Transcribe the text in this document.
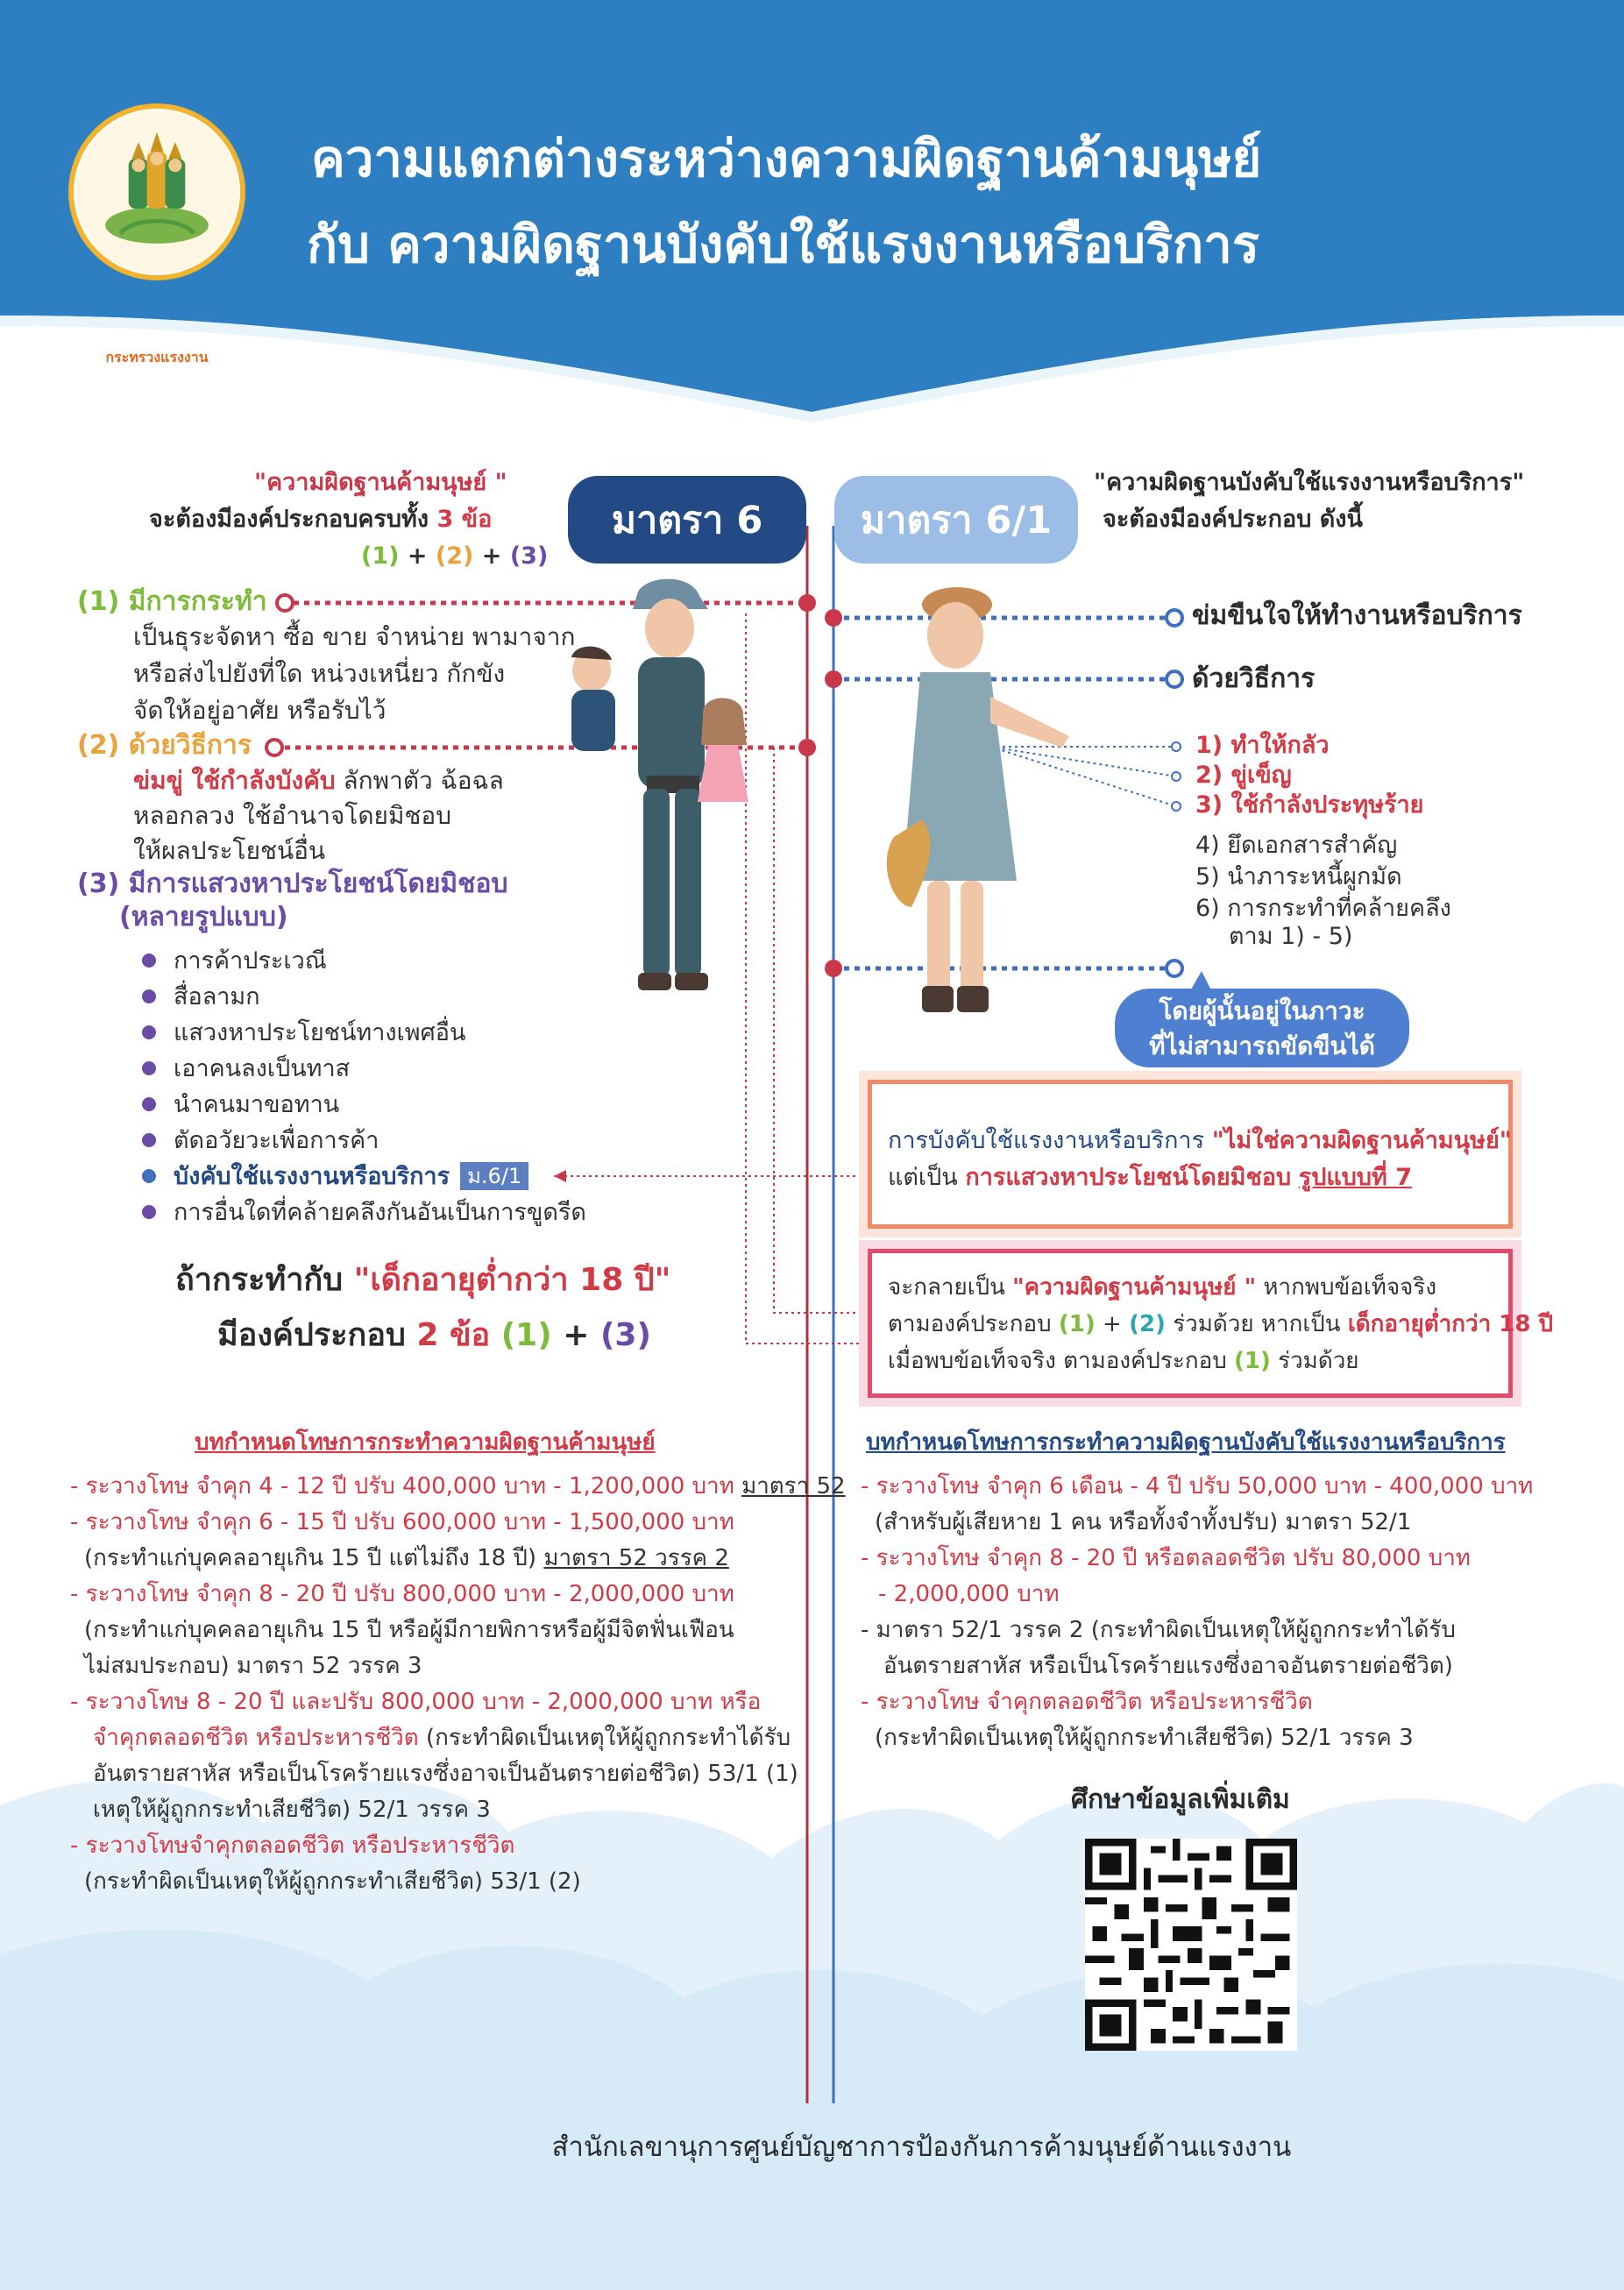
กระทรวงแรงงาน
ความแตกต่างระหว่างความผิดฐานค้ามนุษย์
กับ ความผิดฐานบังคับใช้แรงงานหรือบริการ
มาตรา 6	มาตรา 6/1
"ความผิดฐานค้ามนุษย์ "
จะต้องมีองค์ประกอบครบทั้ง 3 ข้อ
(1) + (2) + (3)
(1) มีการกระทำ
เป็นธุระจัดหา ซื้อ ขาย จำหน่าย พามาจาก
หรือส่งไปยังที่ใด หน่วงเหนี่ยว กักขัง
จัดให้อยู่อาศัย หรือรับไว้
(2) ด้วยวิธีการ
ข่มขู่ ใช้กำลังบังคับ ลักพาตัว ฉ้อฉล
หลอกลวง ใช้อำนาจโดยมิชอบ
ให้ผลประโยชน์อื่น
(3) มีการแสวงหาประโยชน์โดยมิชอบ
(หลายรูปแบบ)
การค้าประเวณี
สื่อลามก
แสวงหาประโยชน์ทางเพศอื่น
เอาคนลงเป็นทาส
นำคนมาขอทาน
ตัดอวัยวะเพื่อการค้า
บังคับใช้แรงงานหรือบริการ ม.6/1
การอื่นใดที่คล้ายคลึงกันอันเป็นการขูดรีด
ถ้ากระทำกับ "เด็กอายุต่ำกว่า 18 ปี"
มีองค์ประกอบ 2 ข้อ (1) + (3)
"ความผิดฐานบังคับใช้แรงงานหรือบริการ"
จะต้องมีองค์ประกอบ ดังนี้
ข่มขืนใจให้ทำงานหรือบริการ
ด้วยวิธีการ
1) ทำให้กลัว
2) ขู่เข็ญ
3) ใช้กำลังประทุษร้าย
4) ยึดเอกสารสำคัญ
5) นำภาระหนี้ผูกมัด
6) การกระทำที่คล้ายคลึง
ตาม 1) - 5)
โดยผู้นั้นอยู่ในภาวะ
ที่ไม่สามารถขัดขืนได้
การบังคับใช้แรงงานหรือบริการ "ไม่ใช่ความผิดฐานค้ามนุษย์"
แต่เป็น การแสวงหาประโยชน์โดยมิชอบ รูปแบบที่ 7
จะกลายเป็น "ความผิดฐานค้ามนุษย์ " หากพบข้อเท็จจริง
ตามองค์ประกอบ (1) + (2) ร่วมด้วย หากเป็น เด็กอายุต่ำกว่า 18 ปี
เมื่อพบข้อเท็จจริง ตามองค์ประกอบ (1) ร่วมด้วย
บทกำหนดโทษการกระทำความผิดฐานค้ามนุษย์
- ระวางโทษ จำคุก 4 - 12 ปี ปรับ 400,000 บาท - 1,200,000 บาท มาตรา 52
- ระวางโทษ จำคุก 6 - 15 ปี ปรับ 600,000 บาท - 1,500,000 บาท
(กระทำแก่บุคคลอายุเกิน 15 ปี แต่ไม่ถึง 18 ปี) มาตรา 52 วรรค 2
- ระวางโทษ จำคุก 8 - 20 ปี ปรับ 800,000 บาท - 2,000,000 บาท
(กระทำแก่บุคคลอายุเกิน 15 ปี หรือผู้มีกายพิการหรือผู้มีจิตฟั่นเฟือน
ไม่สมประกอบ) มาตรา 52 วรรค 3
- ระวางโทษ 8 - 20 ปี และปรับ 800,000 บาท - 2,000,000 บาท หรือ
จำคุกตลอดชีวิต หรือประหารชีวิต (กระทำผิดเป็นเหตุให้ผู้ถูกกระทำได้รับ
อันตรายสาหัส หรือเป็นโรคร้ายแรงซึ่งอาจเป็นอันตรายต่อชีวิต) 53/1 (1)
เหตุให้ผู้ถูกกระทำเสียชีวิต) 52/1 วรรค 3
- ระวางโทษจำคุกตลอดชีวิต หรือประหารชีวิต
(กระทำผิดเป็นเหตุให้ผู้ถูกกระทำเสียชีวิต) 53/1 (2)
บทกำหนดโทษการกระทำความผิดฐานบังคับใช้แรงงานหรือบริการ
- ระวางโทษ จำคุก 6 เดือน - 4 ปี ปรับ 50,000 บาท - 400,000 บาท
(สำหรับผู้เสียหาย 1 คน หรือทั้งจำทั้งปรับ) มาตรา 52/1
- ระวางโทษ จำคุก 8 - 20 ปี หรือตลอดชีวิต ปรับ 80,000 บาท
- 2,000,000 บาท
- มาตรา 52/1 วรรค 2 (กระทำผิดเป็นเหตุให้ผู้ถูกกระทำได้รับ
อันตรายสาหัส หรือเป็นโรคร้ายแรงซึ่งอาจอันตรายต่อชีวิต)
- ระวางโทษ จำคุกตลอดชีวิต หรือประหารชีวิต
(กระทำผิดเป็นเหตุให้ผู้ถูกกระทำเสียชีวิต) 52/1 วรรค 3
ศึกษาข้อมูลเพิ่มเติม
สำนักเลขานุการศูนย์บัญชาการป้องกันการค้ามนุษย์ด้านแรงงาน
